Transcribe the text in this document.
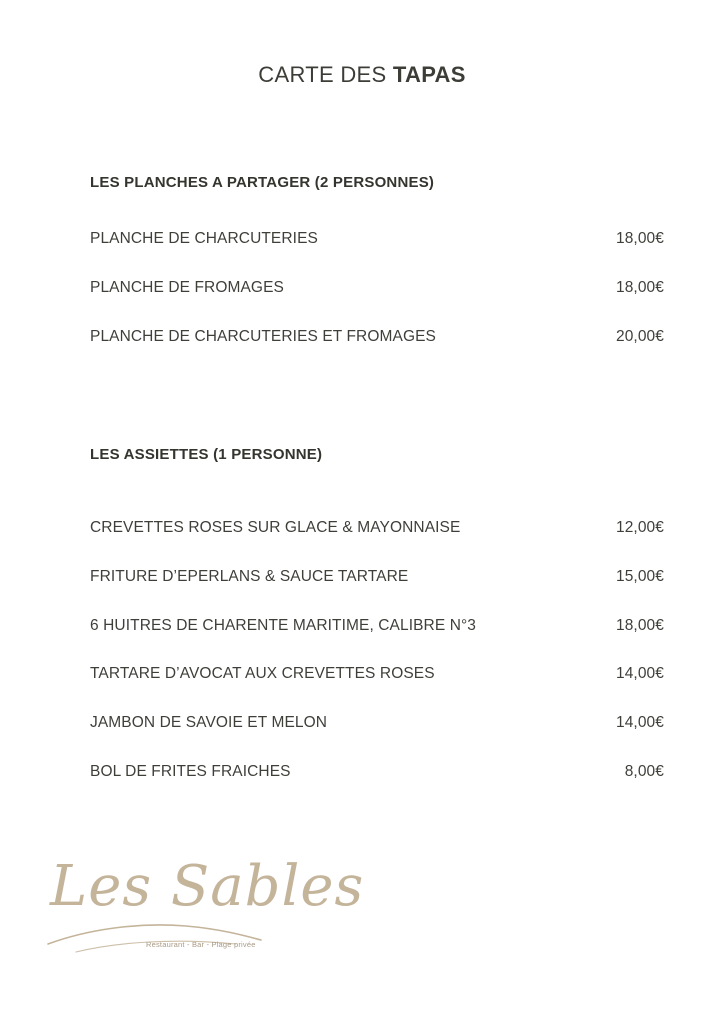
CARTE DES TAPAS
LES PLANCHES A PARTAGER (2 PERSONNES)
PLANCHE DE CHARCUTERIES	18,00€
PLANCHE DE FROMAGES	18,00€
PLANCHE DE CHARCUTERIES ET FROMAGES	20,00€
LES ASSIETTES (1 PERSONNE)
CREVETTES ROSES SUR GLACE & MAYONNAISE	12,00€
FRITURE D’EPERLANS & SAUCE TARTARE	15,00€
6 HUITRES DE CHARENTE MARITIME, CALIBRE N°3	18,00€
TARTARE D’AVOCAT AUX CREVETTES ROSES	14,00€
JAMBON DE SAVOIE ET MELON	14,00€
BOL DE FRITES FRAICHES	8,00€
Les Sables
Restaurant - Bar - Plage privée
